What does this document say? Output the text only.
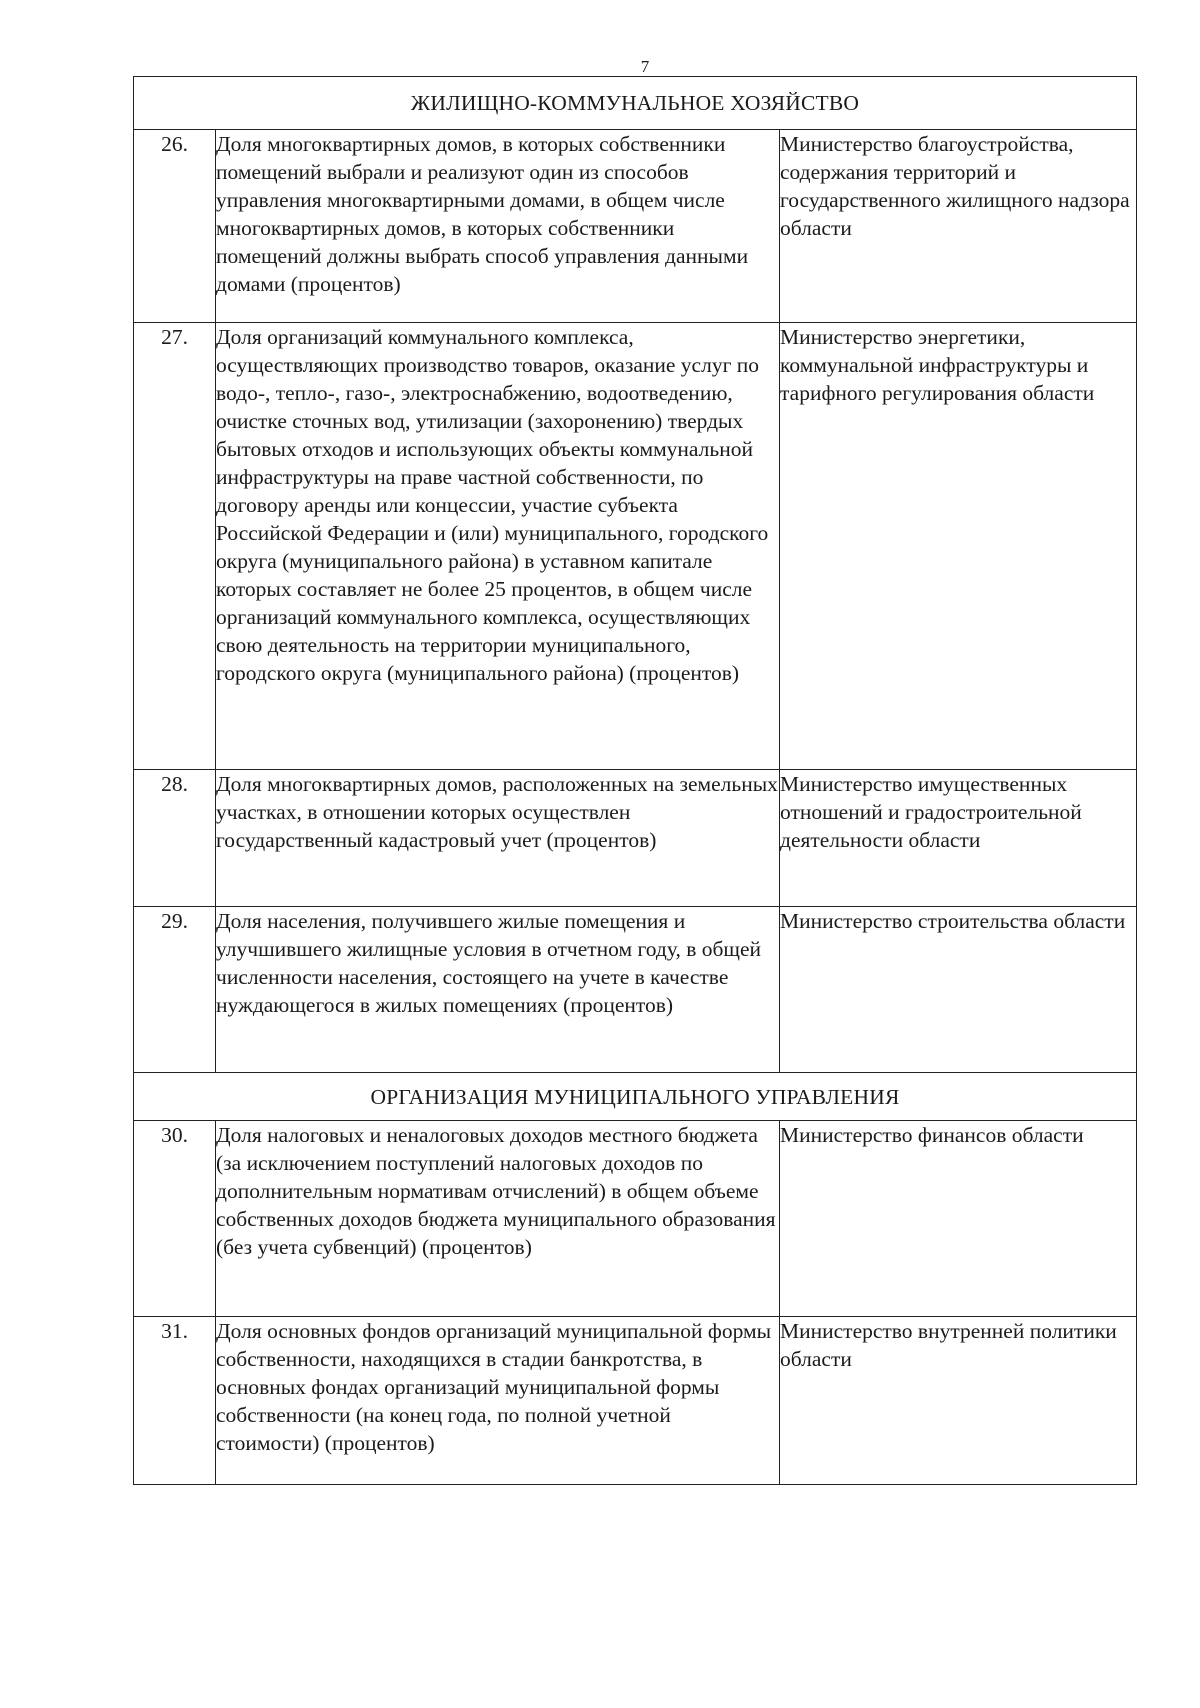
7
ЖИЛИЩНО-КОММУНАЛЬНОЕ ХОЗЯЙСТВО		
26.	Доля многоквартирных домов, в которых собственники помещений выбрали и реализуют один из способов управления многоквартирными домами, в общем числе многоквартирных домов, в которых собственники помещений должны выбрать способ управления данными домами (процентов)	Министерство благоустройства, содержания территорий и государственного жилищного надзора области
27.	Доля организаций коммунального комплекса, осуществляющих производство товаров, оказание услуг по водо-, тепло-, газо-, электроснабжению, водоотведению, очистке сточных вод, утилизации (захоронению) твердых бытовых отходов и использующих объекты коммунальной инфраструктуры на праве частной собственности, по договору аренды или концессии, участие субъекта Российской Федерации и (или) муниципального, городского округа (муниципального района) в уставном капитале которых составляет не более 25 процентов, в общем числе организаций коммунального комплекса, осуществляющих свою деятельность на территории муниципального, городского округа (муниципального района) (процентов)	Министерство энергетики, коммунальной инфраструктуры и тарифного регулирования области
28.	Доля многоквартирных домов, расположенных на земельных участках, в отношении которых осуществлен государственный кадастровый учет (процентов)	Министерство имущественных отношений и градостроительной деятельности области
29.	Доля населения, получившего жилые помещения и улучшившего жилищные условия в отчетном году, в общей численности населения, состоящего на учете в качестве нуждающегося в жилых помещениях (процентов)	Министерство строительства области
ОРГАНИЗАЦИЯ МУНИЦИПАЛЬНОГО УПРАВЛЕНИЯ		
30.	Доля налоговых и неналоговых доходов местного бюджета (за исключением поступлений налоговых доходов по дополнительным нормативам отчислений) в общем объеме собственных доходов бюджета муниципального образования (без учета субвенций) (процентов)	Министерство финансов области
31.	Доля основных фондов организаций муниципальной формы собственности, находящихся в стадии банкротства, в основных фондах организаций муниципальной формы собственности (на конец года, по полной учетной стоимости) (процентов)	Министерство внутренней политики области
